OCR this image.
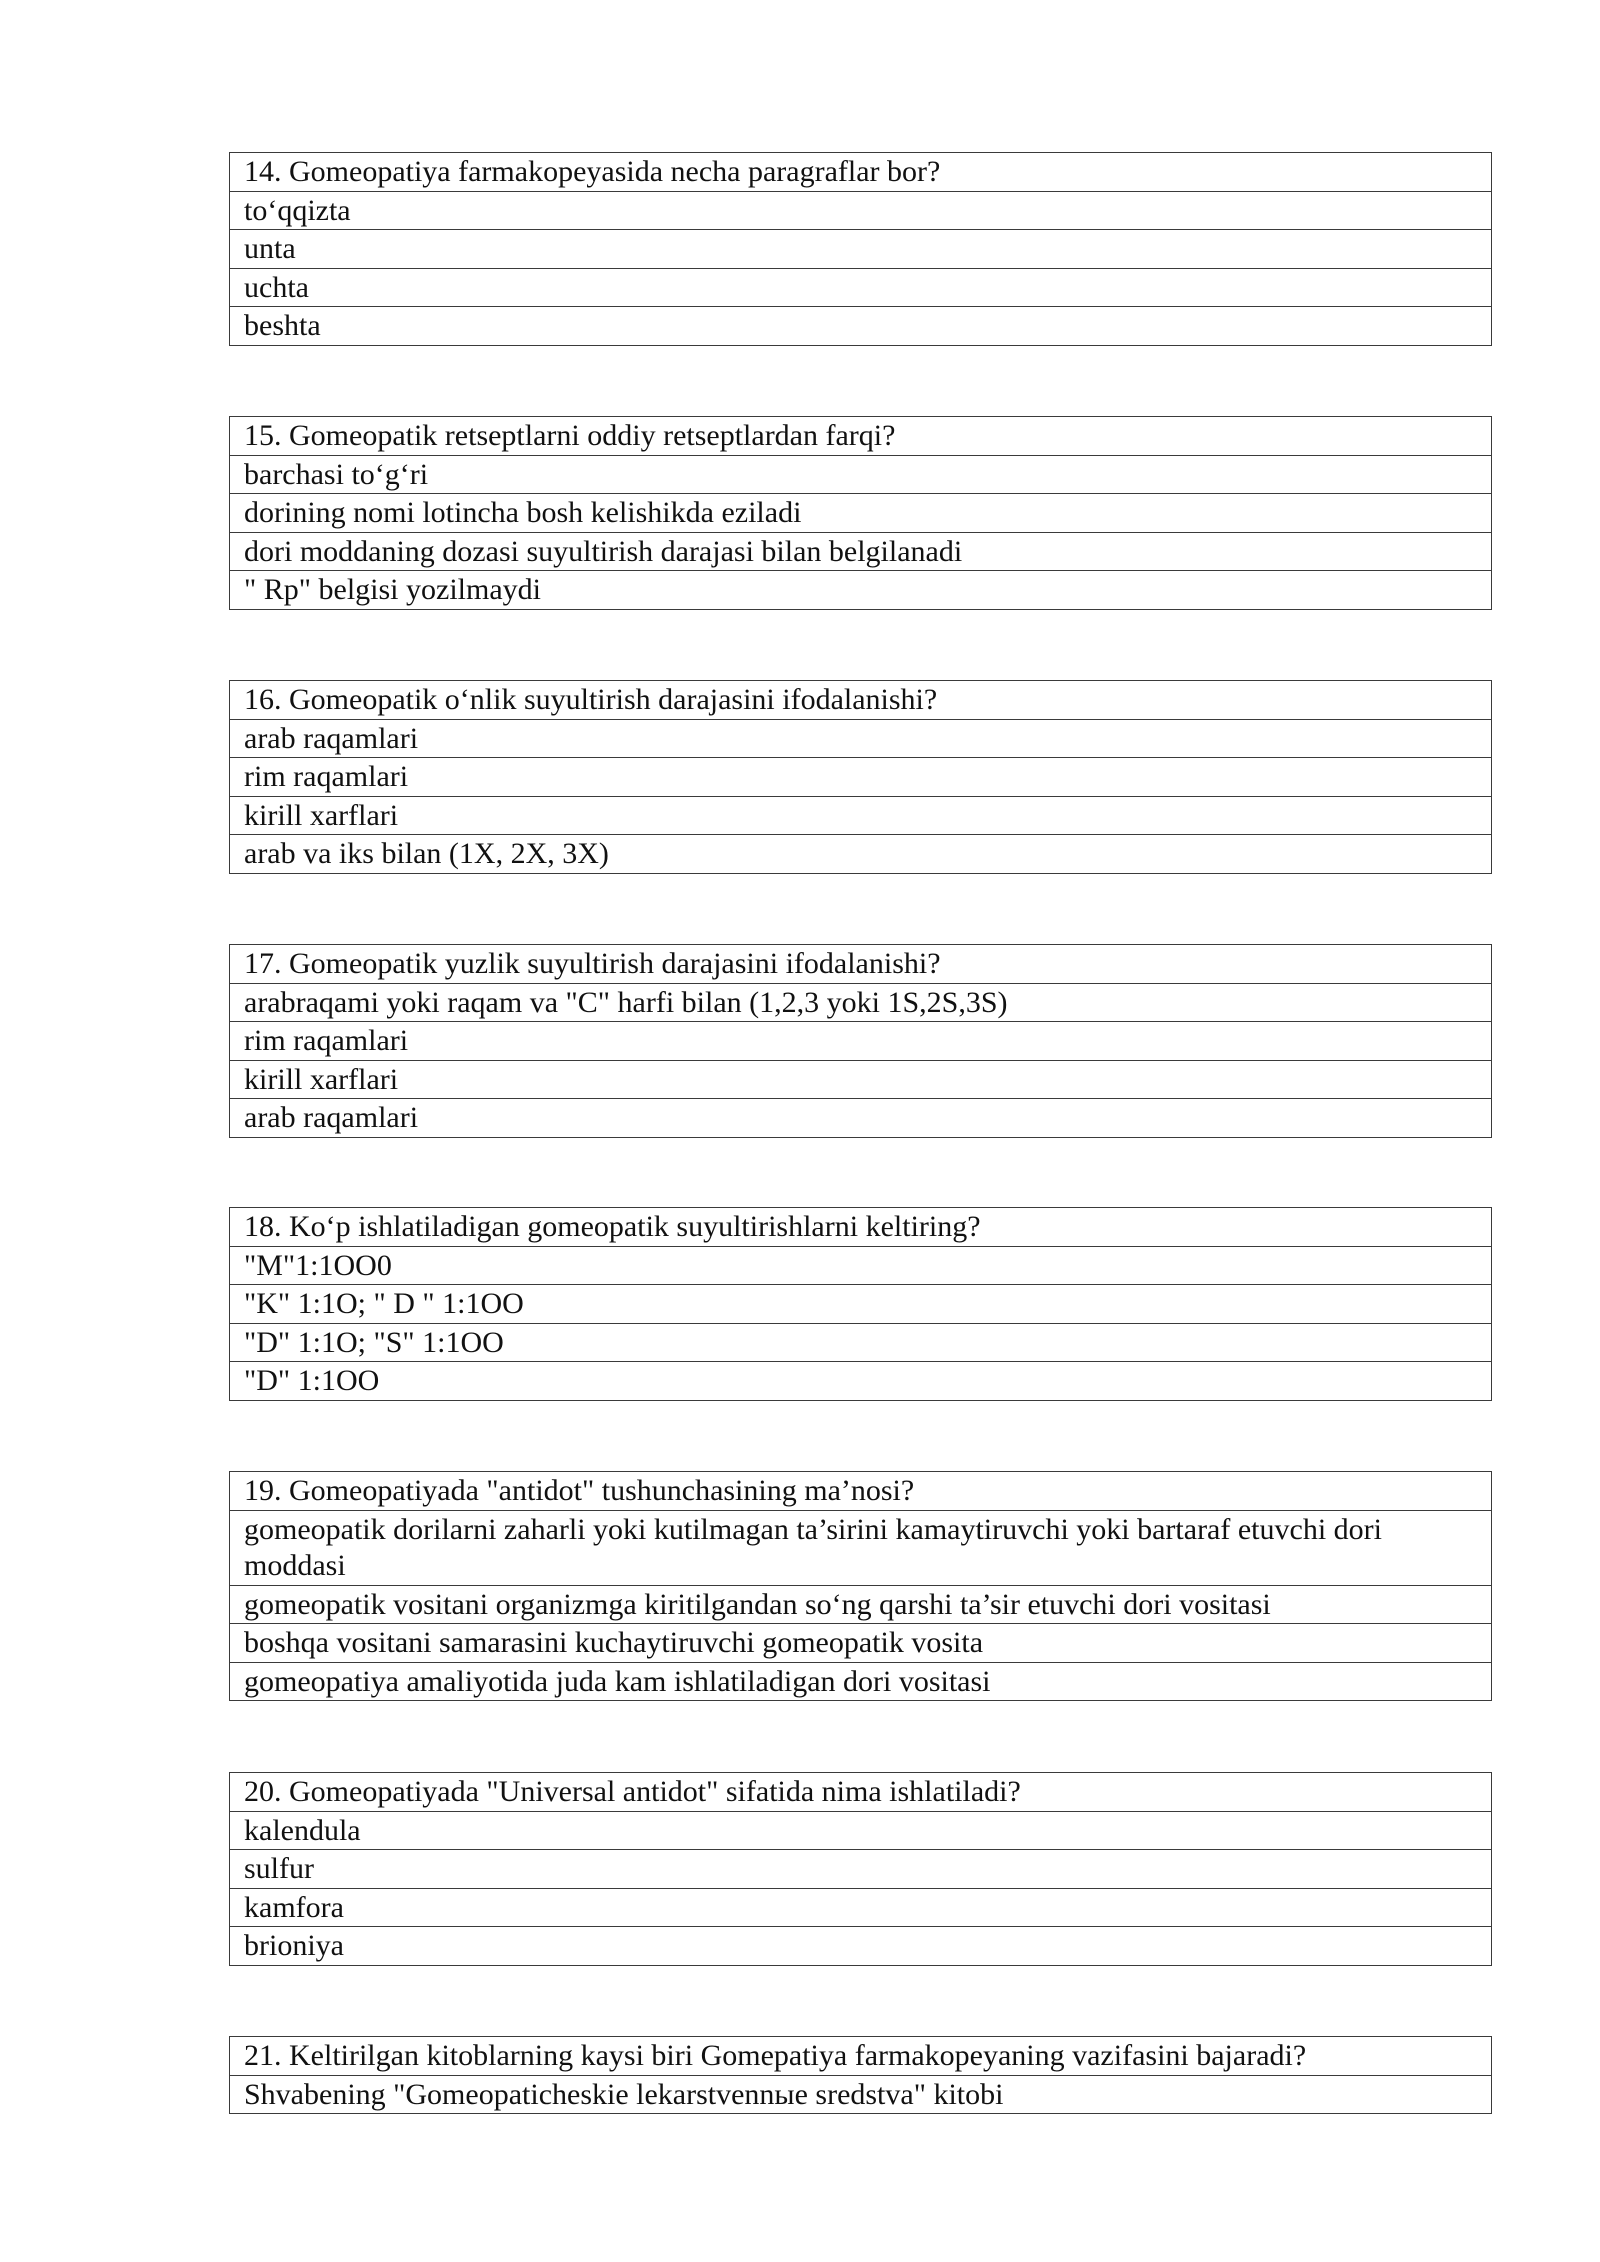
14. Gomeopatiya farmakopeyasida necha paragraflar bor?
to‘qqizta
unta
uchta
beshta
15. Gomeopatik retseptlarni oddiy retseptlardan farqi?
barchasi to‘g‘ri
dorining nomi lotincha bosh kelishikda eziladi
dori moddaning dozasi suyultirish darajasi bilan belgilanadi
" Rp" belgisi yozilmaydi
16. Gomeopatik o‘nlik suyultirish darajasini ifodalanishi?
arab raqamlari
rim raqamlari
kirill xarflari
arab va iks bilan (1X, 2X, 3X)
17. Gomeopatik yuzlik suyultirish darajasini ifodalanishi?
arabraqami yoki raqam va "C" harfi bilan (1,2,3 yoki 1S,2S,3S)
rim raqamlari
kirill xarflari
arab raqamlari
18. Ko‘p ishlatiladigan gomeopatik suyultirishlarni keltiring?
"M"1:1OO0
"K" 1:1O; " D " 1:1OO
"D" 1:1O; "S" 1:1OO
"D" 1:1OO
19. Gomeopatiyada "antidot" tushunchasining ma’nosi?
gomeopatik dorilarni zaharli yoki kutilmagan ta’sirini kamaytiruvchi yoki bartaraf etuvchi dori moddasi
gomeopatik vositani organizmga kiritilgandan so‘ng qarshi ta’sir etuvchi dori vositasi
boshqa vositani samarasini kuchaytiruvchi gomeopatik vosita
gomeopatiya amaliyotida juda kam ishlatiladigan dori vositasi
20. Gomeopatiyada "Universal antidot" sifatida nima ishlatiladi?
kalendula
sulfur
kamfora
brioniya
21. Keltirilgan kitoblarning kaysi biri Gomepatiya farmakopeyaning vazifasini bajaradi?
Shvabening "Gomeopaticheskie lekarstvennыe sredstva" kitobi
